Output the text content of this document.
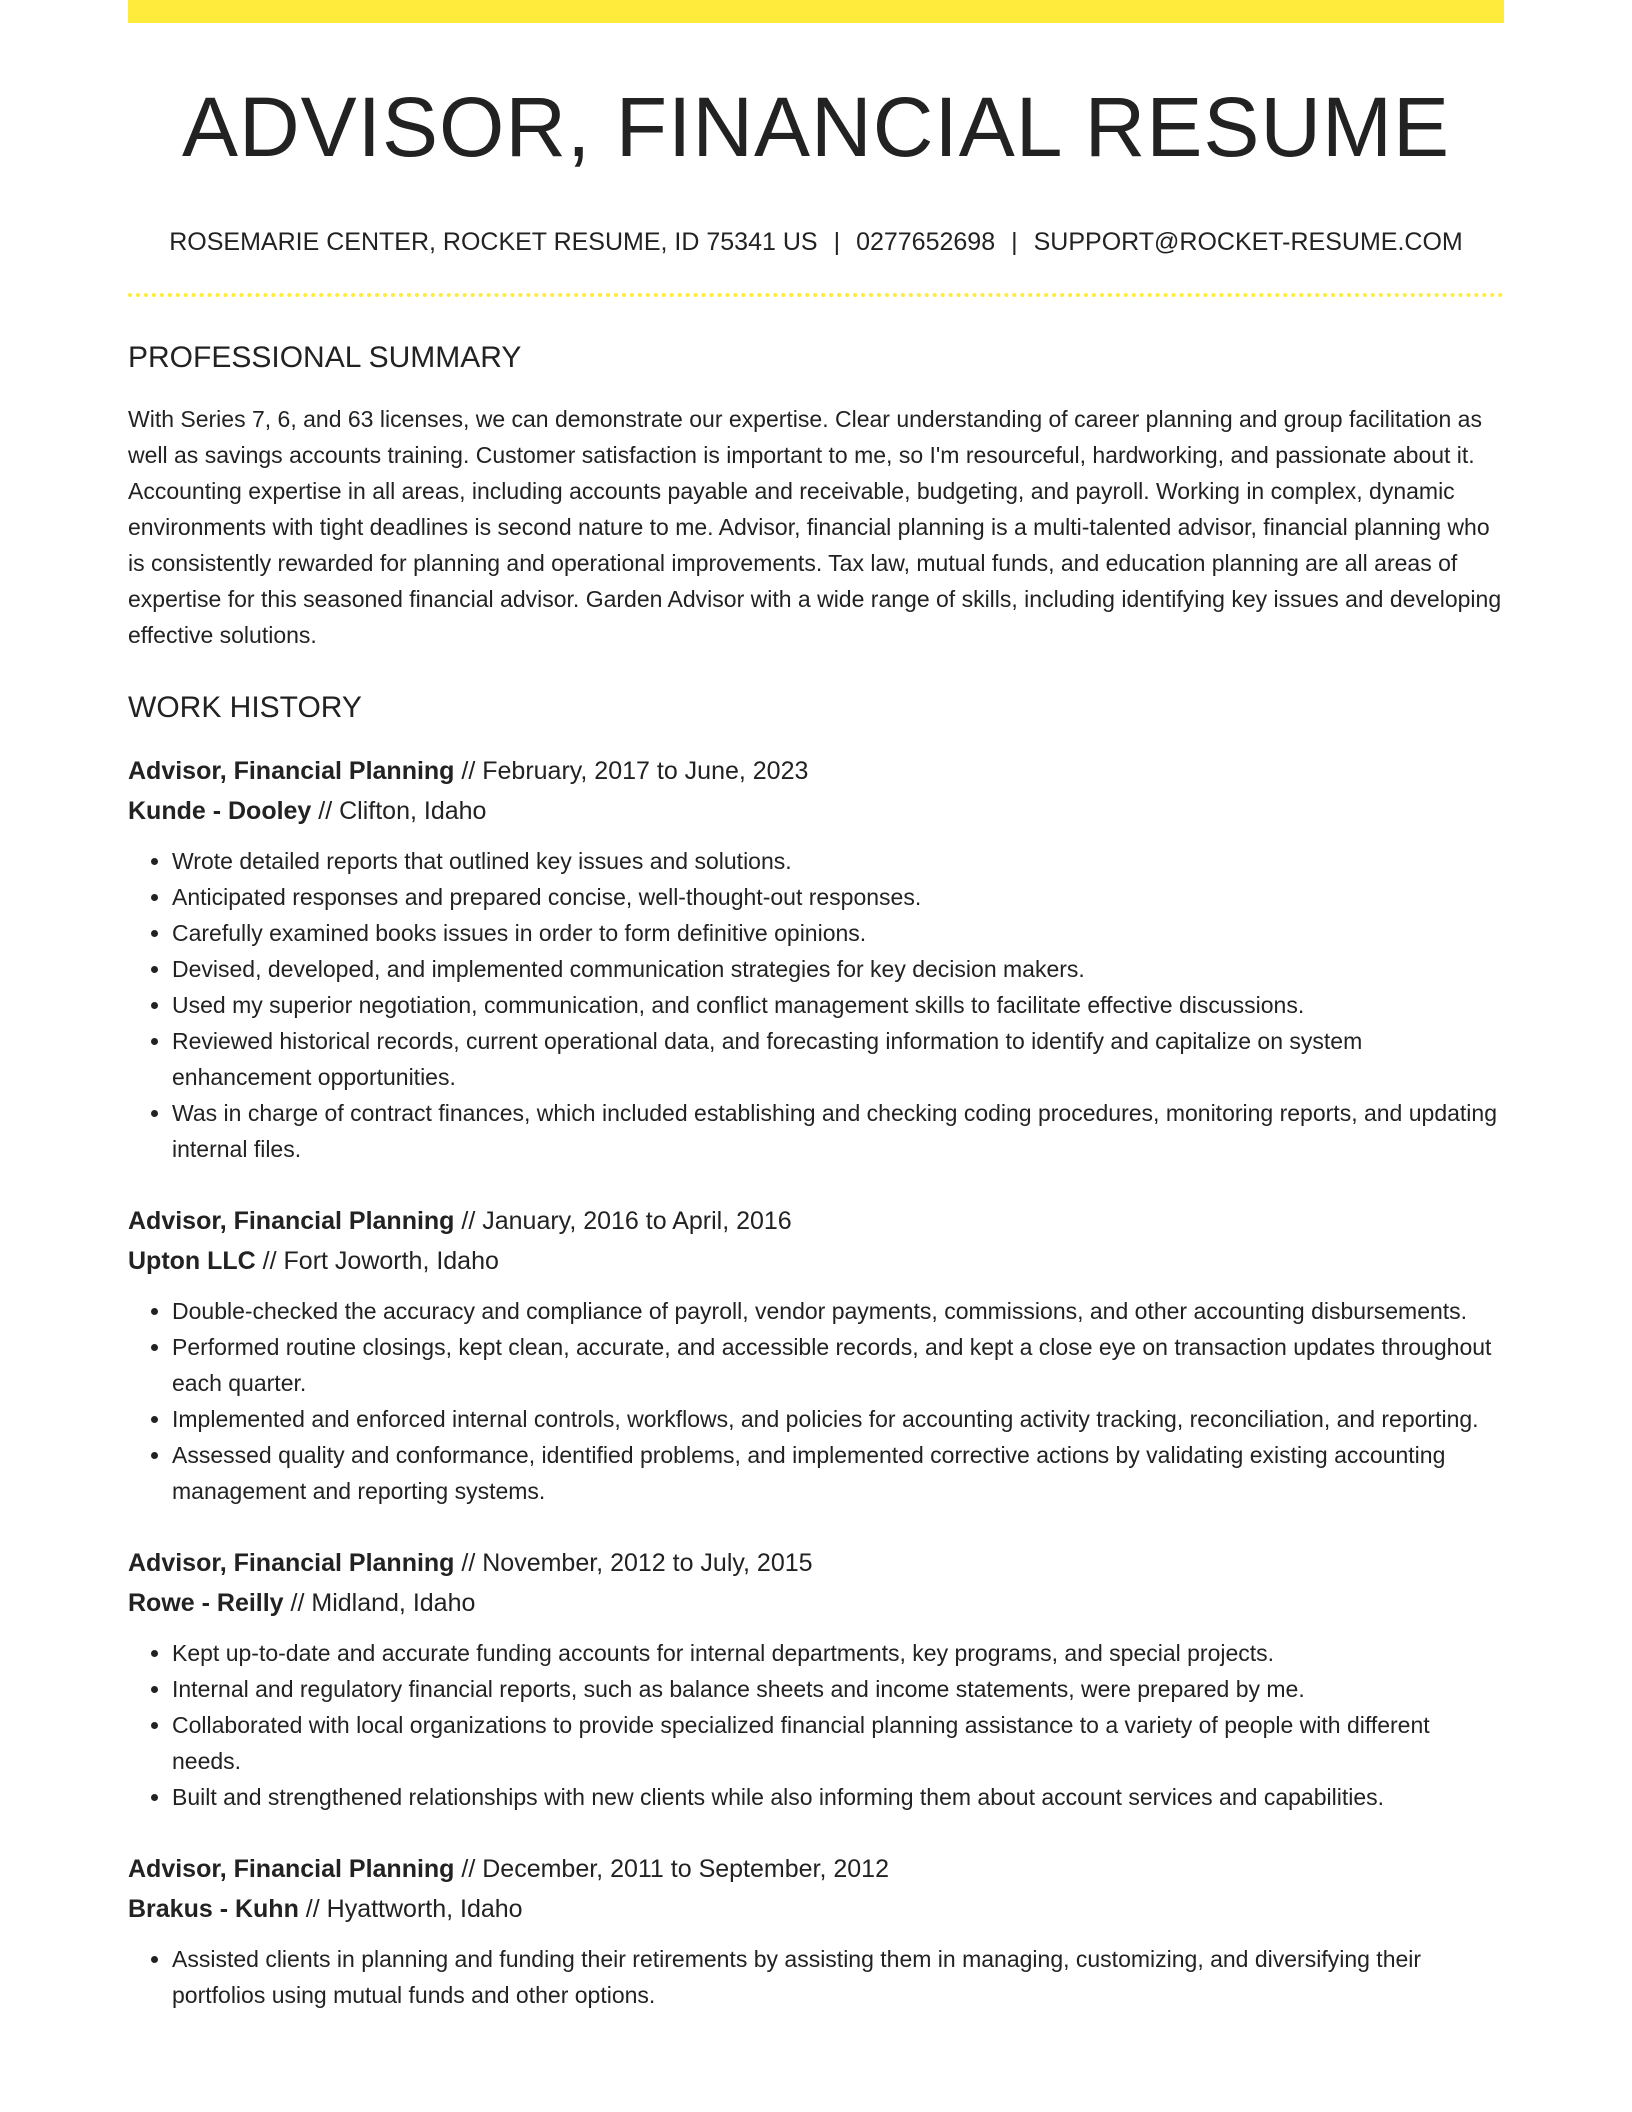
ADVISOR, FINANCIAL RESUME
ROSEMARIE CENTER, ROCKET RESUME, ID 75341 US | 0277652698 | SUPPORT@ROCKET-RESUME.COM
PROFESSIONAL SUMMARY

With Series 7, 6, and 63 licenses, we can demonstrate our expertise. Clear understanding of career planning and group facilitation as well as savings accounts training. Customer satisfaction is important to me, so I'm resourceful, hardworking, and passionate about it. Accounting expertise in all areas, including accounts payable and receivable, budgeting, and payroll. Working in complex, dynamic environments with tight deadlines is second nature to me. Advisor, financial planning is a multi-talented advisor, financial planning who is consistently rewarded for planning and operational improvements. Tax law, mutual funds, and education planning are all areas of expertise for this seasoned financial advisor. Garden Advisor with a wide range of skills, including identifying key issues and developing effective solutions.

WORK HISTORY
Advisor, Financial Planning // February, 2017 to June, 2023
Kunde - Dooley // Clifton, Idaho
• Wrote detailed reports that outlined key issues and solutions.
• Anticipated responses and prepared concise, well-thought-out responses.
• Carefully examined books issues in order to form definitive opinions.
• Devised, developed, and implemented communication strategies for key decision makers.
• Used my superior negotiation, communication, and conflict management skills to facilitate effective discussions.
• Reviewed historical records, current operational data, and forecasting information to identify and capitalize on system enhancement opportunities.
• Was in charge of contract finances, which included establishing and checking coding procedures, monitoring reports, and updating internal files.
Advisor, Financial Planning // January, 2016 to April, 2016
Upton LLC // Fort Joworth, Idaho
• Double-checked the accuracy and compliance of payroll, vendor payments, commissions, and other accounting disbursements.
• Performed routine closings, kept clean, accurate, and accessible records, and kept a close eye on transaction updates throughout each quarter.
• Implemented and enforced internal controls, workflows, and policies for accounting activity tracking, reconciliation, and reporting.
• Assessed quality and conformance, identified problems, and implemented corrective actions by validating existing accounting management and reporting systems.
Advisor, Financial Planning // November, 2012 to July, 2015
Rowe - Reilly // Midland, Idaho
• Kept up-to-date and accurate funding accounts for internal departments, key programs, and special projects.
• Internal and regulatory financial reports, such as balance sheets and income statements, were prepared by me.
• Collaborated with local organizations to provide specialized financial planning assistance to a variety of people with different needs.
• Built and strengthened relationships with new clients while also informing them about account services and capabilities.
Advisor, Financial Planning // December, 2011 to September, 2012
Brakus - Kuhn // Hyattworth, Idaho
• Assisted clients in planning and funding their retirements by assisting them in managing, customizing, and diversifying their portfolios using mutual funds and other options.
